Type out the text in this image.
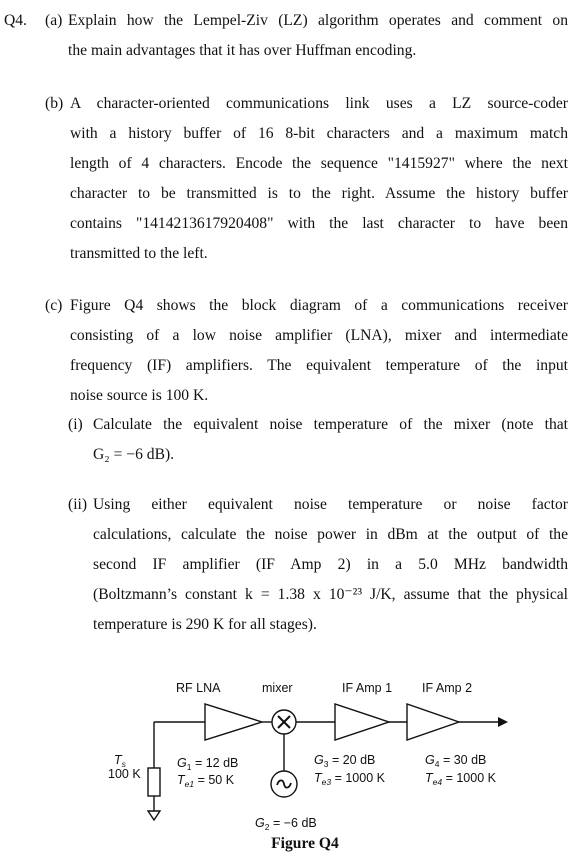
Q4. (a) Explain how the Lempel-Ziv (LZ) algorithm operates and comment on
the main advantages that it has over Huffman encoding.
(b) A character-oriented communications link uses a LZ source-coder
with a history buffer of 16 8-bit characters and a maximum match
length of 4 characters. Encode the sequence "1415927" where the next
character to be transmitted is to the right. Assume the history buffer
contains "1414213617920408" with the last character to have been
transmitted to the left.
(c) Figure Q4 shows the block diagram of a communications receiver
consisting of a low noise amplifier (LNA), mixer and intermediate
frequency (IF) amplifiers. The equivalent temperature of the input
noise source is 100 K.
(i) Calculate the equivalent noise temperature of the mixer (note that
G₂ = −6 dB).
(ii) Using either equivalent noise temperature or noise factor
calculations, calculate the noise power in dBm at the output of the
second IF amplifier (IF Amp 2) in a 5.0 MHz bandwidth
(Boltzmann’s constant k = 1.38 x 10⁻²³ J/K, assume that the physical
temperature is 290 K for all stages).
RF LNA	mixer	IF Amp 1 IF Amp 2
$T_s$
100 K
$G_1 = 12$ dB
$T_{e1} = 50$ K
$G_2 = -6$ dB
$G_3 = 20$ dB
$T_{e3} = 1000$ K
$G_4 = 30$ dB
$T_{e4} = 1000$ K
Figure Q4
